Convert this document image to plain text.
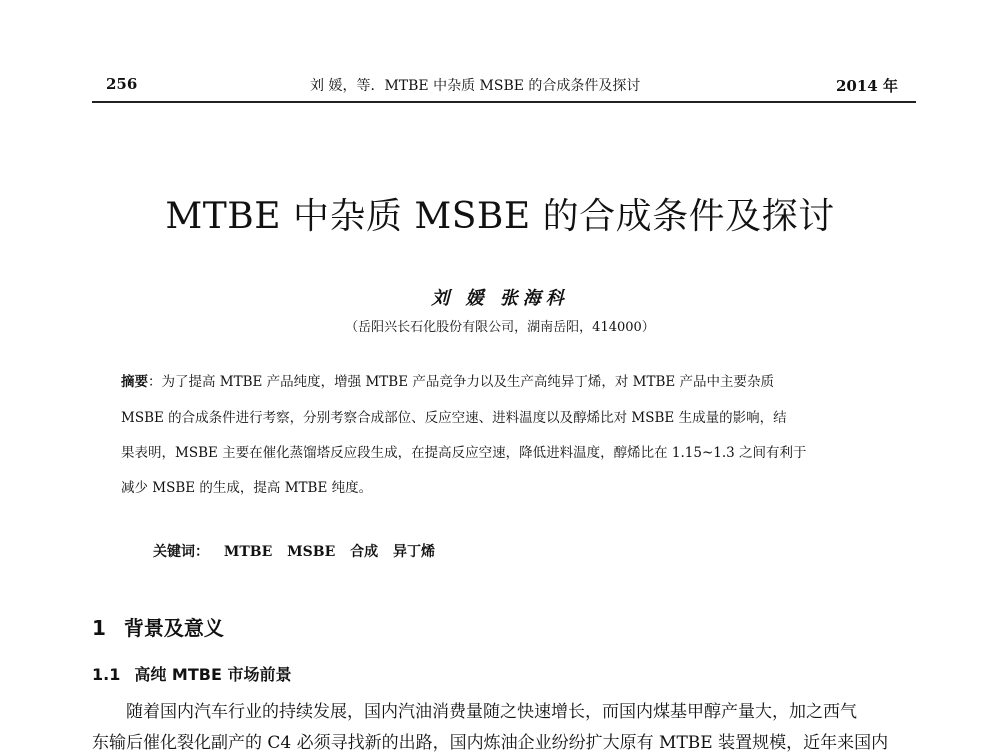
256	刘 媛，等．MTBE 中杂质 MSBE 的合成条件及探讨	2014 年
MTBE 中杂质 MSBE 的合成条件及探讨
刘 媛 张海科
（岳阳兴长石化股份有限公司，湖南岳阳，414000）
摘要：为了提高 MTBE 产品纯度，增强 MTBE 产品竞争力以及生产高纯异丁烯，对 MTBE 产品中主要杂质
MSBE 的合成条件进行考察，分别考察合成部位、反应空速、进料温度以及醇烯比对 MSBE 生成量的影响，结
果表明，MSBE 主要在催化蒸馏塔反应段生成，在提高反应空速，降低进料温度，醇烯比在 1.15~1.3 之间有利于
减少 MSBE 的生成，提高 MTBE 纯度。
关键词： MTBE MSBE 合成 异丁烯
1 背景及意义
1.1 高纯 MTBE 市场前景
随着国内汽车行业的持续发展，国内汽油消费量随之快速增长，而国内煤基甲醇产量大，加之西气
东输后催化裂化副产的 C4 必须寻找新的出路，国内炼油企业纷纷扩大原有 MTBE 装置规模，近年来国内
